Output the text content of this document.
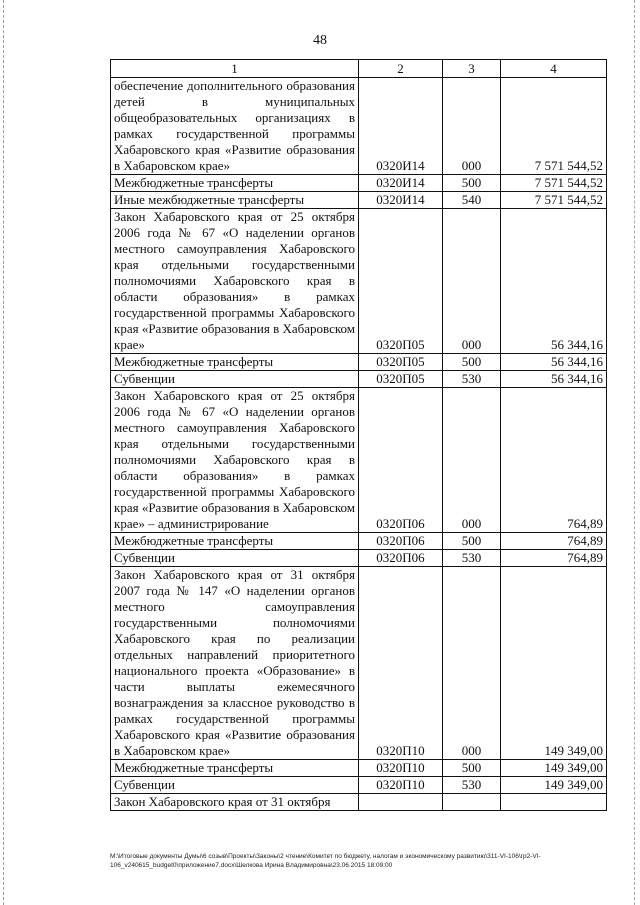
48
1	2	3	4
обеспечение дополнительного образования детей в муниципальных общеобразовательных организациях в рамках государственной программы Хабаровского края «Развитие образования в Хабаровском крае»	0320И14	000	7 571 544,52
Межбюджетные трансферты	0320И14	500	7 571 544,52
Иные межбюджетные трансферты	0320И14	540	7 571 544,52
Закон Хабаровского края от 25 октября 2006 года № 67 «О наделении органов местного самоуправления Хабаровского края отдельными государственными полномочиями Хабаровского края в области образования» в рамках государственной программы Хабаровского края «Развитие образования в Хабаровском крае»	0320П05	000	56 344,16
Межбюджетные трансферты	0320П05	500	56 344,16
Субвенции	0320П05	530	56 344,16
Закон Хабаровского края от 25 октября 2006 года № 67 «О наделении органов местного самоуправления Хабаровского края отдельными государственными полномочиями Хабаровского края в области образования» в рамках государственной программы Хабаровского края «Развитие образования в Хабаровском крае» – администрирование	0320П06	000	764,89
Межбюджетные трансферты	0320П06	500	764,89
Субвенции	0320П06	530	764,89
Закон Хабаровского края от 31 октября 2007 года № 147 «О наделении органов местного самоуправления государственными полномочиями Хабаровского края по реализации отдельных направлений приоритетного национального проекта «Образование» в части выплаты ежемесячного вознаграждения за классное руководство в рамках государственной программы Хабаровского края «Развитие образования в Хабаровском крае»	0320П10	000	149 349,00
Межбюджетные трансферты	0320П10	500	149 349,00
Субвенции	0320П10	530	149 349,00
Закон Хабаровского края от 31 октября			
M:\Итоговые документы Думы\6 созыв\Проекты\Законы\2 чтение\Комитет по бюджету, налогам и экономическому развитию\311-VI-106\гр2-VI-106_v240615_budget0\приложение7.docx\Шелкова Ирина Владимировна\23.06.2015 18:09:00
